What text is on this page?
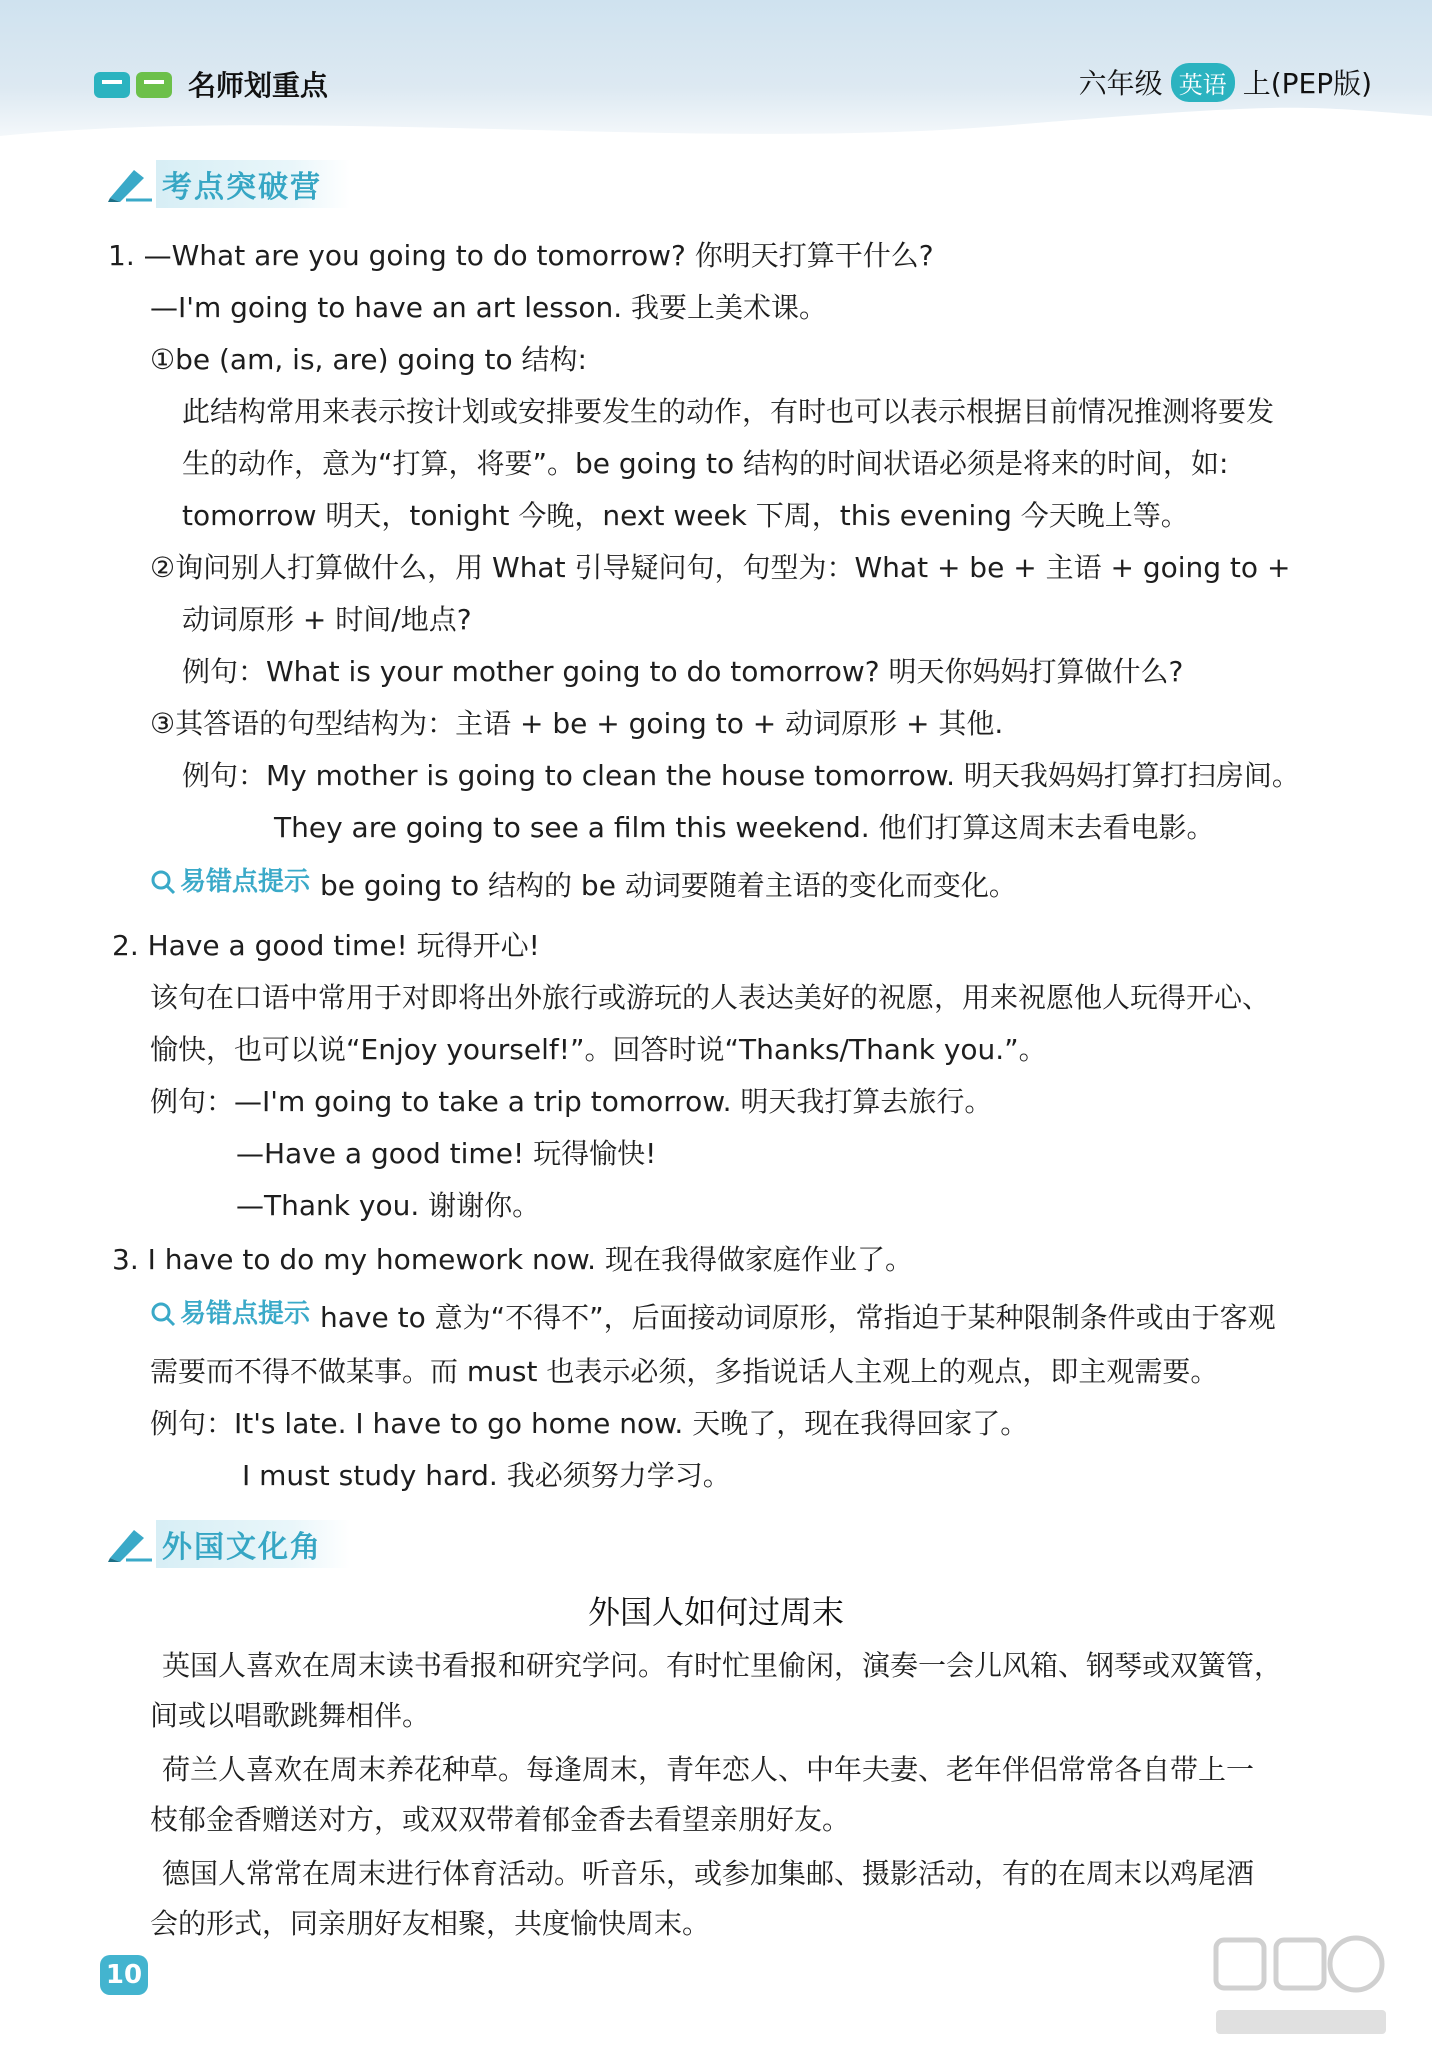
名师划重点	六年级 英语 上(PEP版)
考点突破营
1. —What are you going to do tomorrow? 你明天打算干什么?
—I'm going to have an art lesson. 我要上美术课。
①be (am, is, are) going to 结构:
此结构常用来表示按计划或安排要发生的动作，有时也可以表示根据目前情况推测将要发
生的动作，意为“打算，将要”。be going to 结构的时间状语必须是将来的时间，如:
tomorrow 明天，tonight 今晚，next week 下周，this evening 今天晚上等。
②询问别人打算做什么，用 What 引导疑问句，句型为：What + be + 主语 + going to +
动词原形 + 时间/地点?
例句：What is your mother going to do tomorrow? 明天你妈妈打算做什么?
③其答语的句型结构为：主语 + be + going to + 动词原形 + 其他.
例句：My mother is going to clean the house tomorrow. 明天我妈妈打算打扫房间。
They are going to see a film this weekend. 他们打算这周末去看电影。
易错点提示 be going to 结构的 be 动词要随着主语的变化而变化。
2. Have a good time! 玩得开心!
该句在口语中常用于对即将出外旅行或游玩的人表达美好的祝愿，用来祝愿他人玩得开心、
愉快，也可以说“Enjoy yourself!”。回答时说“Thanks/Thank you.”。
例句：—I'm going to take a trip tomorrow. 明天我打算去旅行。
—Have a good time! 玩得愉快!
—Thank you. 谢谢你。
3. I have to do my homework now. 现在我得做家庭作业了。
易错点提示 have to 意为“不得不”，后面接动词原形，常指迫于某种限制条件或由于客观
需要而不得不做某事。而 must 也表示必须，多指说话人主观上的观点，即主观需要。
例句：It's late. I have to go home now. 天晚了，现在我得回家了。
I must study hard. 我必须努力学习。
外国文化角
外国人如何过周末
英国人喜欢在周末读书看报和研究学问。有时忙里偷闲，演奏一会儿风箱、钢琴或双簧管，
间或以唱歌跳舞相伴。
荷兰人喜欢在周末养花种草。每逢周末，青年恋人、中年夫妻、老年伴侣常常各自带上一
枝郁金香赠送对方，或双双带着郁金香去看望亲朋好友。
德国人常常在周末进行体育活动。听音乐，或参加集邮、摄影活动，有的在周末以鸡尾酒
会的形式，同亲朋好友相聚，共度愉快周末。
10
